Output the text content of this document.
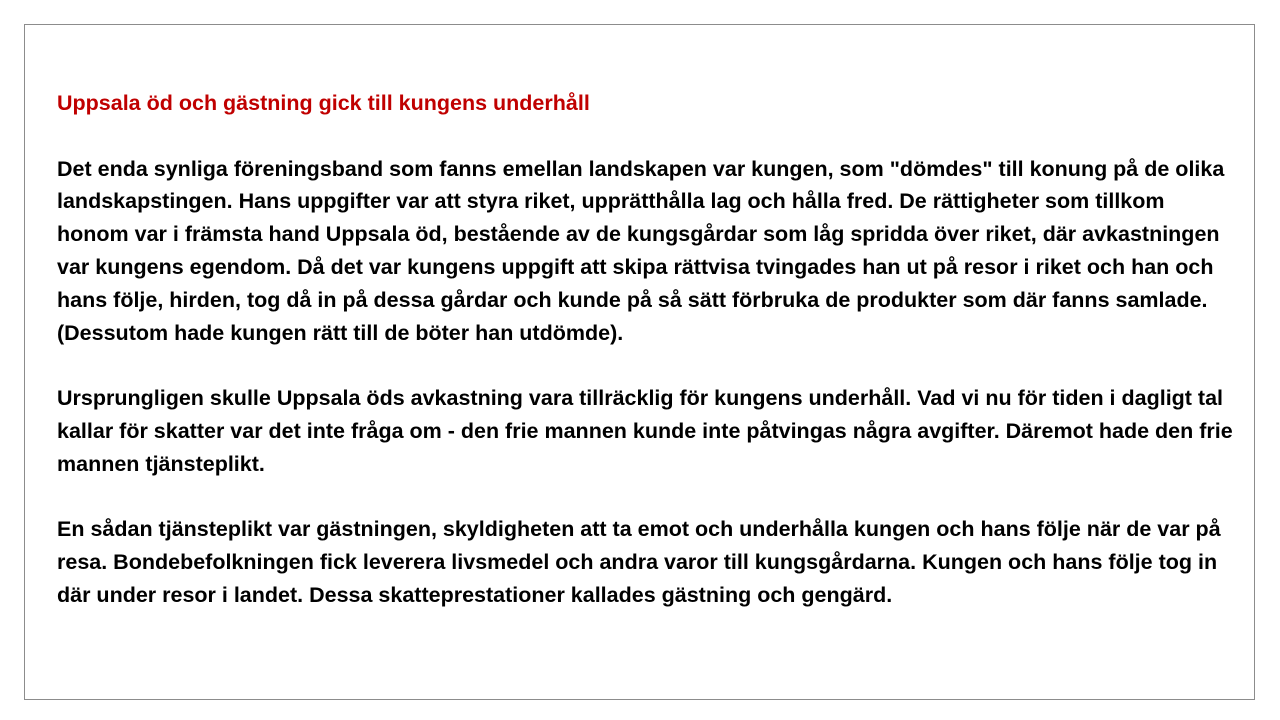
Uppsala öd och gästning gick till kungens underhåll

Det enda synliga föreningsband som fanns emellan landskapen var kungen, som "dömdes" till konung på de olika landskapstingen. Hans uppgifter var att styra riket, upprätthålla lag och hålla fred. De rättigheter som tillkom honom var i främsta hand Uppsala öd, bestående av de kungsgårdar som låg spridda över riket, där avkastningen var kungens egendom. Då det var kungens uppgift att skipa rättvisa tvingades han ut på resor i riket och han och hans följe, hirden, tog då in på dessa gårdar och kunde på så sätt förbruka de produkter som där fanns samlade. (Dessutom hade kungen rätt till de böter han utdömde).

Ursprungligen skulle Uppsala öds avkastning vara tillräcklig för kungens underhåll. Vad vi nu för tiden i dagligt tal kallar för skatter var det inte fråga om - den frie mannen kunde inte påtvingas några avgifter. Däremot hade den frie mannen tjänsteplikt.

En sådan tjänsteplikt var gästningen, skyldigheten att ta emot och underhålla kungen och hans följe när de var på resa. Bondebefolkningen fick leverera livsmedel och andra varor till kungsgårdarna. Kungen och hans följe tog in där under resor i landet. Dessa skatteprestationer kallades gästning och gengärd.
